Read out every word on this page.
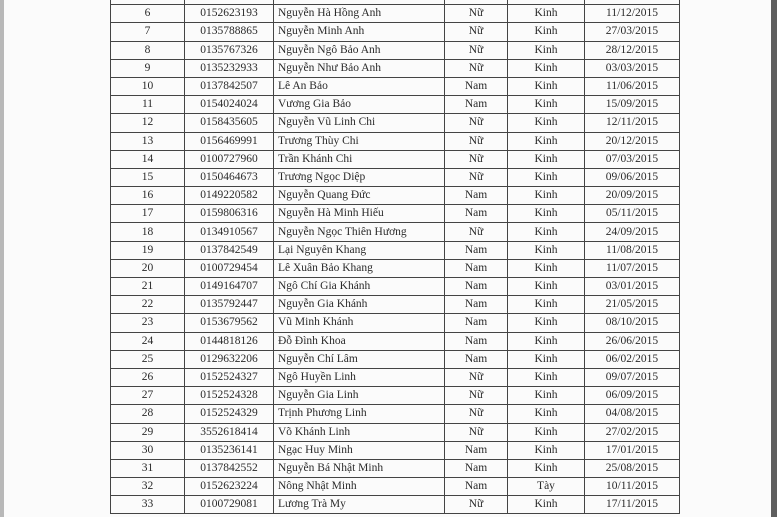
6	0152623193	Nguyễn Hà Hồng Anh	Nữ	Kinh	11/12/2015
7	0135788865	Nguyễn Minh Anh	Nữ	Kinh	27/03/2015
8	0135767326	Nguyễn Ngô Bảo Anh	Nữ	Kinh	28/12/2015
9	0135232933	Nguyễn Như Bảo Anh	Nữ	Kinh	03/03/2015
10	0137842507	Lê An Bảo	Nam	Kinh	11/06/2015
11	0154024024	Vương Gia Bảo	Nam	Kinh	15/09/2015
12	0158435605	Nguyễn Vũ Linh Chi	Nữ	Kinh	12/11/2015
13	0156469991	Trương Thùy Chi	Nữ	Kinh	20/12/2015
14	0100727960	Trần Khánh Chi	Nữ	Kinh	07/03/2015
15	0150464673	Trương Ngọc Diệp	Nữ	Kinh	09/06/2015
16	0149220582	Nguyễn Quang Đức	Nam	Kinh	20/09/2015
17	0159806316	Nguyễn Hà Minh Hiếu	Nam	Kinh	05/11/2015
18	0134910567	Nguyễn Ngọc Thiên Hương	Nữ	Kinh	24/09/2015
19	0137842549	Lại Nguyên Khang	Nam	Kinh	11/08/2015
20	0100729454	Lê Xuân Bảo Khang	Nam	Kinh	11/07/2015
21	0149164707	Ngô Chí Gia Khánh	Nam	Kinh	03/01/2015
22	0135792447	Nguyễn Gia Khánh	Nam	Kinh	21/05/2015
23	0153679562	Vũ Minh Khánh	Nam	Kinh	08/10/2015
24	0144818126	Đỗ Đình Khoa	Nam	Kinh	26/06/2015
25	0129632206	Nguyễn Chí Lâm	Nam	Kinh	06/02/2015
26	0152524327	Ngô Huyền Linh	Nữ	Kinh	09/07/2015
27	0152524328	Nguyễn Gia Linh	Nữ	Kinh	06/09/2015
28	0152524329	Trịnh Phương Linh	Nữ	Kinh	04/08/2015
29	3552618414	Võ Khánh Linh	Nữ	Kinh	27/02/2015
30	0135236141	Ngạc Huy Minh	Nam	Kinh	17/01/2015
31	0137842552	Nguyễn Bá Nhật Minh	Nam	Kinh	25/08/2015
32	0152623224	Nông Nhật Minh	Nam	Tày	10/11/2015
33	0100729081	Lương Trà My	Nữ	Kinh	17/11/2015
